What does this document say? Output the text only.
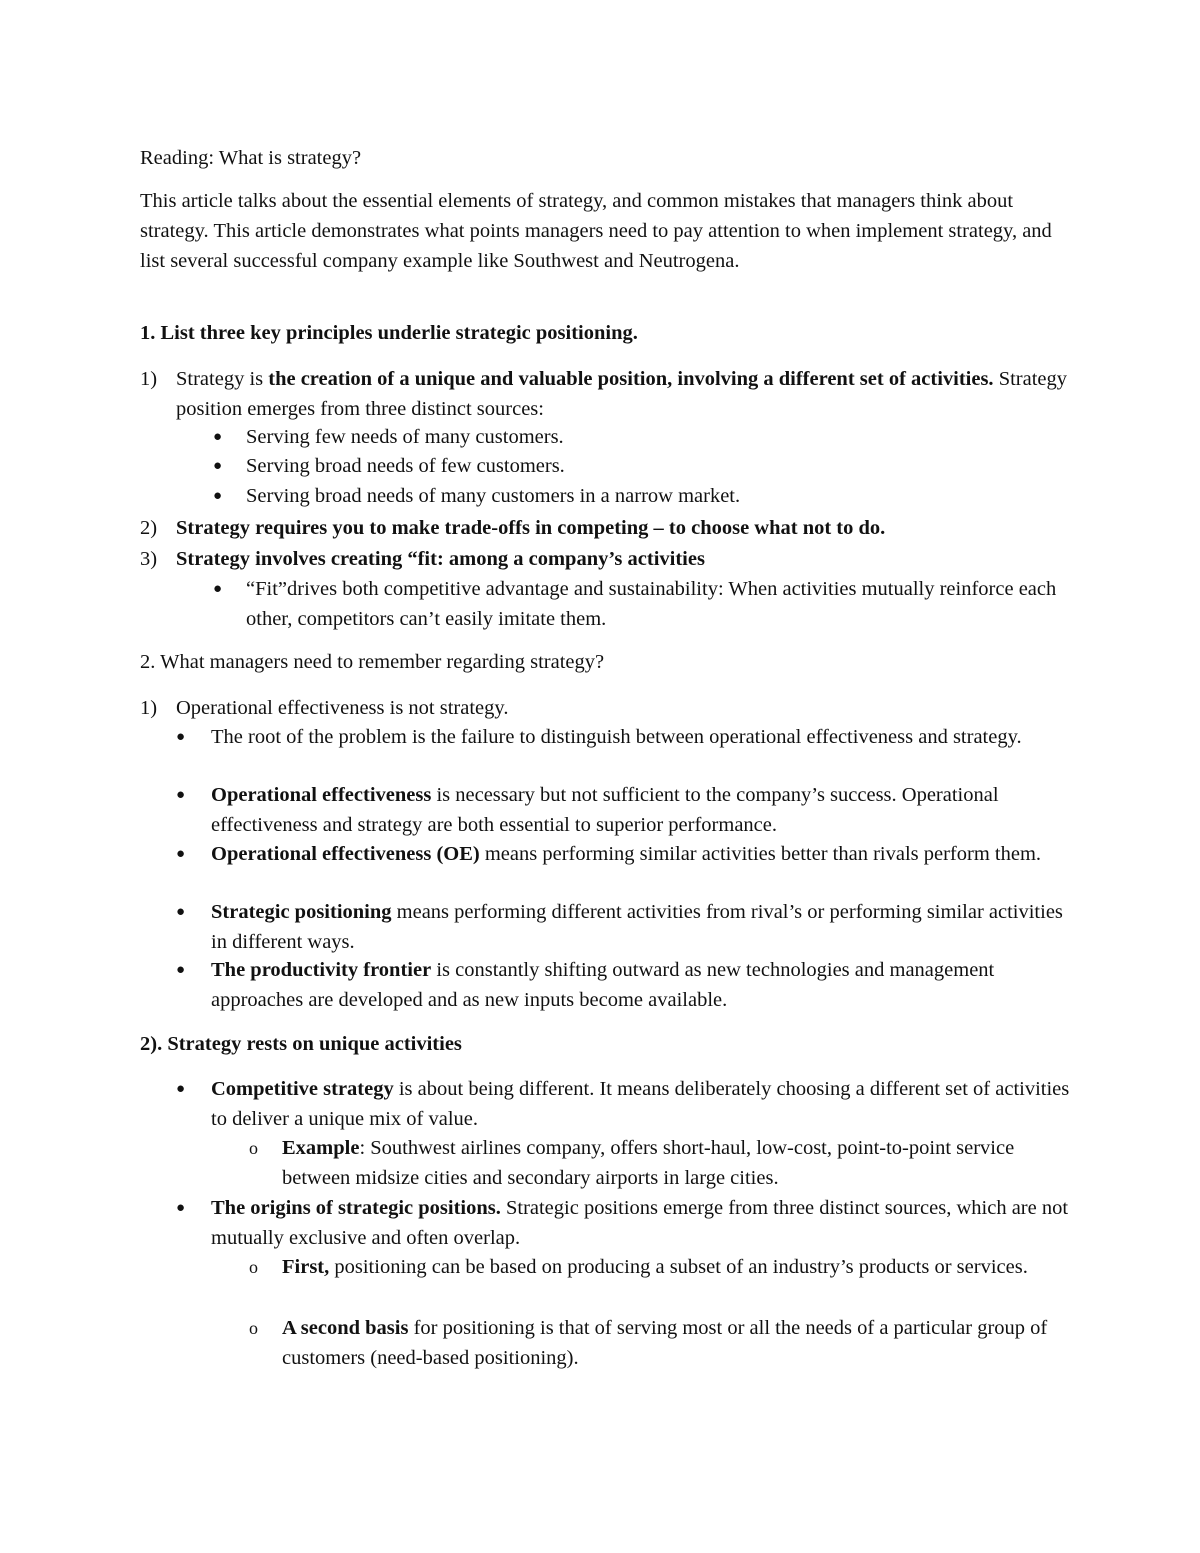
Reading: What is strategy?

This article talks about the essential elements of strategy, and common mistakes that managers think about strategy. This article demonstrates what points managers need to pay attention to when implement strategy, and list several successful company example like Southwest and Neutrogena.

1. List three key principles underlie strategic positioning.

1) Strategy is the creation of a unique and valuable position, involving a different set of activities. Strategy position emerges from three distinct sources:

● Serving few needs of many customers.
● Serving broad needs of few customers.
● Serving broad needs of many customers in a narrow market.
2) Strategy requires you to make trade-offs in competing – to choose what not to do.
3) Strategy involves creating “fit: among a company’s activities
● “Fit”drives both competitive advantage and sustainability: When activities mutually reinforce each other, competitors can’t easily imitate them.

2. What managers need to remember regarding strategy?

1) Operational effectiveness is not strategy.
● The root of the problem is the failure to distinguish between operational effectiveness and strategy.
● Operational effectiveness is necessary but not sufficient to the company’s success. Operational effectiveness and strategy are both essential to superior performance.
● Operational effectiveness (OE) means performing similar activities better than rivals perform them.
● Strategic positioning means performing different activities from rival’s or performing similar activities in different ways.
● The productivity frontier is constantly shifting outward as new technologies and management approaches are developed and as new inputs become available.

2). Strategy rests on unique activities

● Competitive strategy is about being different. It means deliberately choosing a different set of activities to deliver a unique mix of value.
o Example: Southwest airlines company, offers short-haul, low-cost, point-to-point service between midsize cities and secondary airports in large cities.
● The origins of strategic positions. Strategic positions emerge from three distinct sources, which are not mutually exclusive and often overlap.
o First, positioning can be based on producing a subset of an industry’s products or services.
o A second basis for positioning is that of serving most or all the needs of a particular group of customers (need-based positioning).
